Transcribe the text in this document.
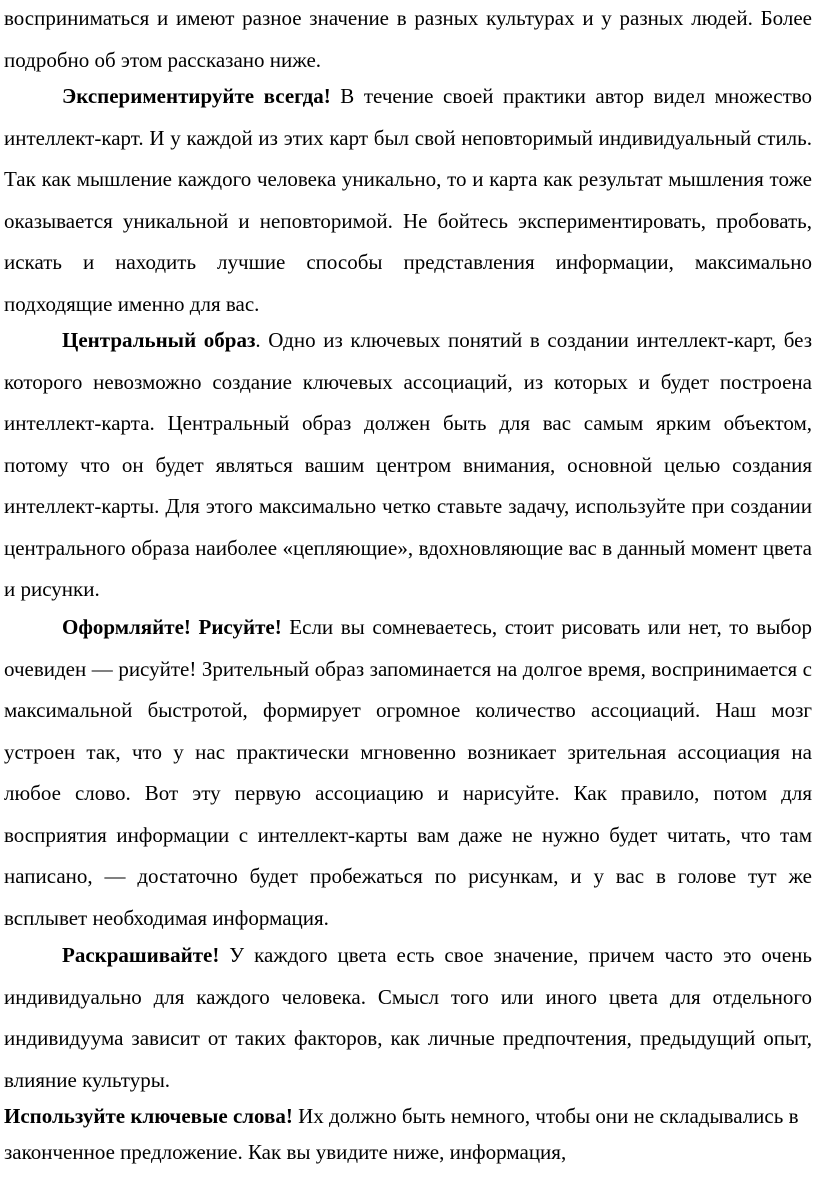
восприниматься и имеют разное значение в разных культурах и у разных людей. Более подробно об этом рассказано ниже.

Экспериментируйте всегда! В течение своей практики автор видел множество интеллект-карт. И у каждой из этих карт был свой неповторимый индивидуальный стиль. Так как мышление каждого человека уникально, то и карта как результат мышления тоже оказывается уникальной и неповторимой. Не бойтесь экспериментировать, пробовать, искать и находить лучшие способы представления информации, максимально подходящие именно для вас.

Центральный образ. Одно из ключевых понятий в создании интеллект-карт, без которого невозможно создание ключевых ассоциаций, из которых и будет построена интеллект-карта. Центральный образ должен быть для вас самым ярким объектом, потому что он будет являться вашим центром внимания, основной целью создания интеллект-карты. Для этого максимально четко ставьте задачу, используйте при создании центрального образа наиболее «цепляющие», вдохновляющие вас в данный момент цвета и рисунки.

Оформляйте! Рисуйте! Если вы сомневаетесь, стоит рисовать или нет, то выбор очевиден — рисуйте! Зрительный образ запоминается на долгое время, воспринимается с максимальной быстротой, формирует огромное количество ассоциаций. Наш мозг устроен так, что у нас практически мгновенно возникает зрительная ассоциация на любое слово. Вот эту первую ассоциацию и нарисуйте. Как правило, потом для восприятия информации с интеллект-карты вам даже не нужно будет читать, что там написано, — достаточно будет пробежаться по рисункам, и у вас в голове тут же всплывет необходимая информация.

Раскрашивайте! У каждого цвета есть свое значение, причем часто это очень индивидуально для каждого человека. Смысл того или иного цвета для отдельного индивидуума зависит от таких факторов, как личные предпочтения, предыдущий опыт, влияние культуры.

Используйте ключевые слова! Их должно быть немного, чтобы они не складывались в законченное предложение. Как вы увидите ниже, информация,
